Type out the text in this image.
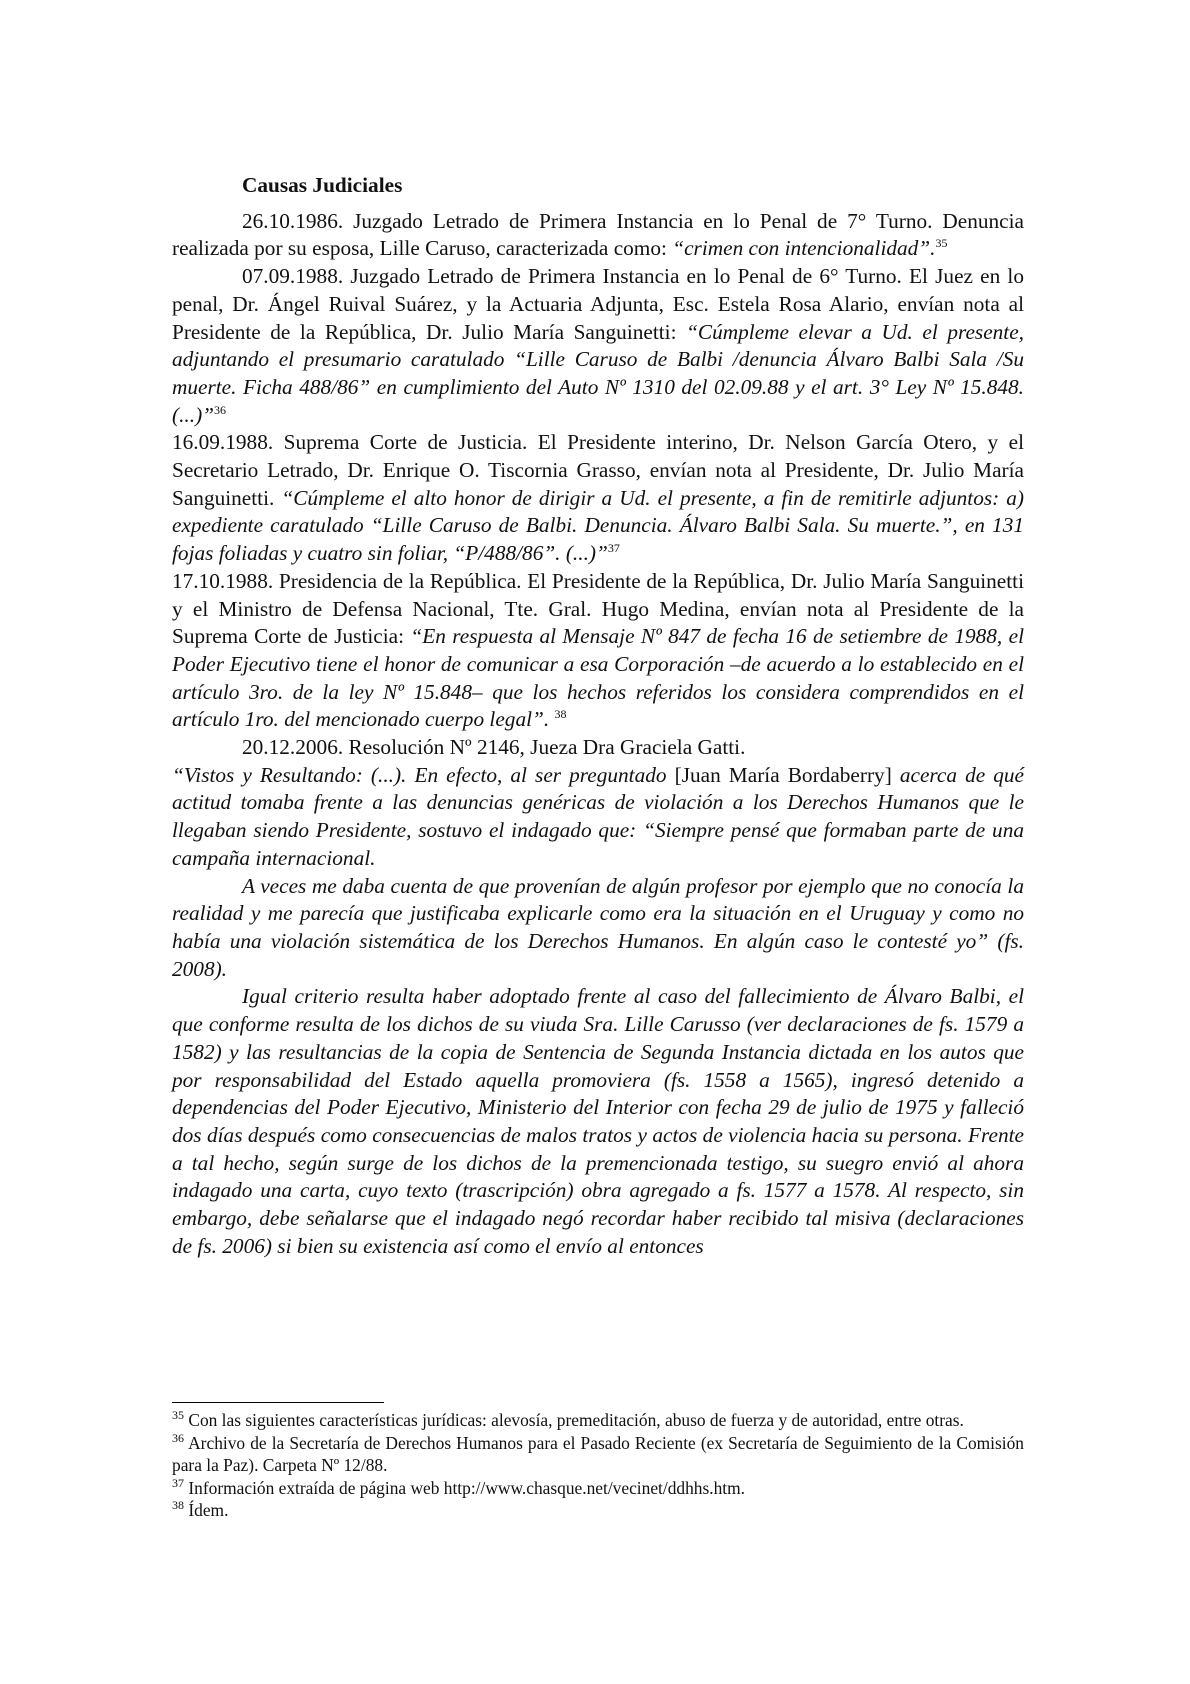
Causas Judiciales

26.10.1986. Juzgado Letrado de Primera Instancia en lo Penal de 7° Turno. Denuncia realizada por su esposa, Lille Caruso, caracterizada como: “crimen con intencionalidad”.$^{35}$

07.09.1988. Juzgado Letrado de Primera Instancia en lo Penal de 6° Turno. El Juez en lo penal, Dr. Ángel Ruival Suárez, y la Actuaria Adjunta, Esc. Estela Rosa Alario, envían nota al Presidente de la República, Dr. Julio María Sanguinetti: “Cúmpleme elevar a Ud. el presente, adjuntando el presumario caratulado “Lille Caruso de Balbi /denuncia Álvaro Balbi Sala /Su muerte. Ficha 488/86” en cumplimiento del Auto Nº 1310 del 02.09.88 y el art. 3° Ley Nº 15.848. (...)”$^{36}$

16.09.1988. Suprema Corte de Justicia. El Presidente interino, Dr. Nelson García Otero, y el Secretario Letrado, Dr. Enrique O. Tiscornia Grasso, envían nota al Presidente, Dr. Julio María Sanguinetti. “Cúmpleme el alto honor de dirigir a Ud. el presente, a fin de remitirle adjuntos: a) expediente caratulado “Lille Caruso de Balbi. Denuncia. Álvaro Balbi Sala. Su muerte.”, en 131 fojas foliadas y cuatro sin foliar, “P/488/86”. (...)”$^{37}$

17.10.1988. Presidencia de la República. El Presidente de la República, Dr. Julio María Sanguinetti y el Ministro de Defensa Nacional, Tte. Gral. Hugo Medina, envían nota al Presidente de la Suprema Corte de Justicia: “En respuesta al Mensaje Nº 847 de fecha 16 de setiembre de 1988, el Poder Ejecutivo tiene el honor de comunicar a esa Corporación –de acuerdo a lo establecido en el artículo 3ro. de la ley Nº 15.848– que los hechos referidos los considera comprendidos en el artículo 1ro. del mencionado cuerpo legal”. $^{38}$

20.12.2006. Resolución Nº 2146, Jueza Dra Graciela Gatti.

“Vistos y Resultando: (...). En efecto, al ser preguntado [Juan María Bordaberry] acerca de qué actitud tomaba frente a las denuncias genéricas de violación a los Derechos Humanos que le llegaban siendo Presidente, sostuvo el indagado que: “Siempre pensé que formaban parte de una campaña internacional.

A veces me daba cuenta de que provenían de algún profesor por ejemplo que no conocía la realidad y me parecía que justificaba explicarle como era la situación en el Uruguay y como no había una violación sistemática de los Derechos Humanos. En algún caso le contesté yo” (fs. 2008).

Igual criterio resulta haber adoptado frente al caso del fallecimiento de Álvaro Balbi, el que conforme resulta de los dichos de su viuda Sra. Lille Carusso (ver declaraciones de fs. 1579 a 1582) y las resultancias de la copia de Sentencia de Segunda Instancia dictada en los autos que por responsabilidad del Estado aquella promoviera (fs. 1558 a 1565), ingresó detenido a dependencias del Poder Ejecutivo, Ministerio del Interior con fecha 29 de julio de 1975 y falleció dos días después como consecuencias de malos tratos y actos de violencia hacia su persona. Frente a tal hecho, según surge de los dichos de la premencionada testigo, su suegro envió al ahora indagado una carta, cuyo texto (trascripción) obra agregado a fs. 1577 a 1578. Al respecto, sin embargo, debe señalarse que el indagado negó recordar haber recibido tal misiva (declaraciones de fs. 2006) si bien su existencia así como el envío al entonces

$^{35}$ Con las siguientes características jurídicas: alevosía, premeditación, abuso de fuerza y de autoridad, entre otras.

$^{36}$ Archivo de la Secretaría de Derechos Humanos para el Pasado Reciente (ex Secretaría de Seguimiento de la Comisión para la Paz). Carpeta Nº 12/88.

$^{37}$ Información extraída de página web http://www.chasque.net/vecinet/ddhhs.htm.

$^{38}$ Ídem.
